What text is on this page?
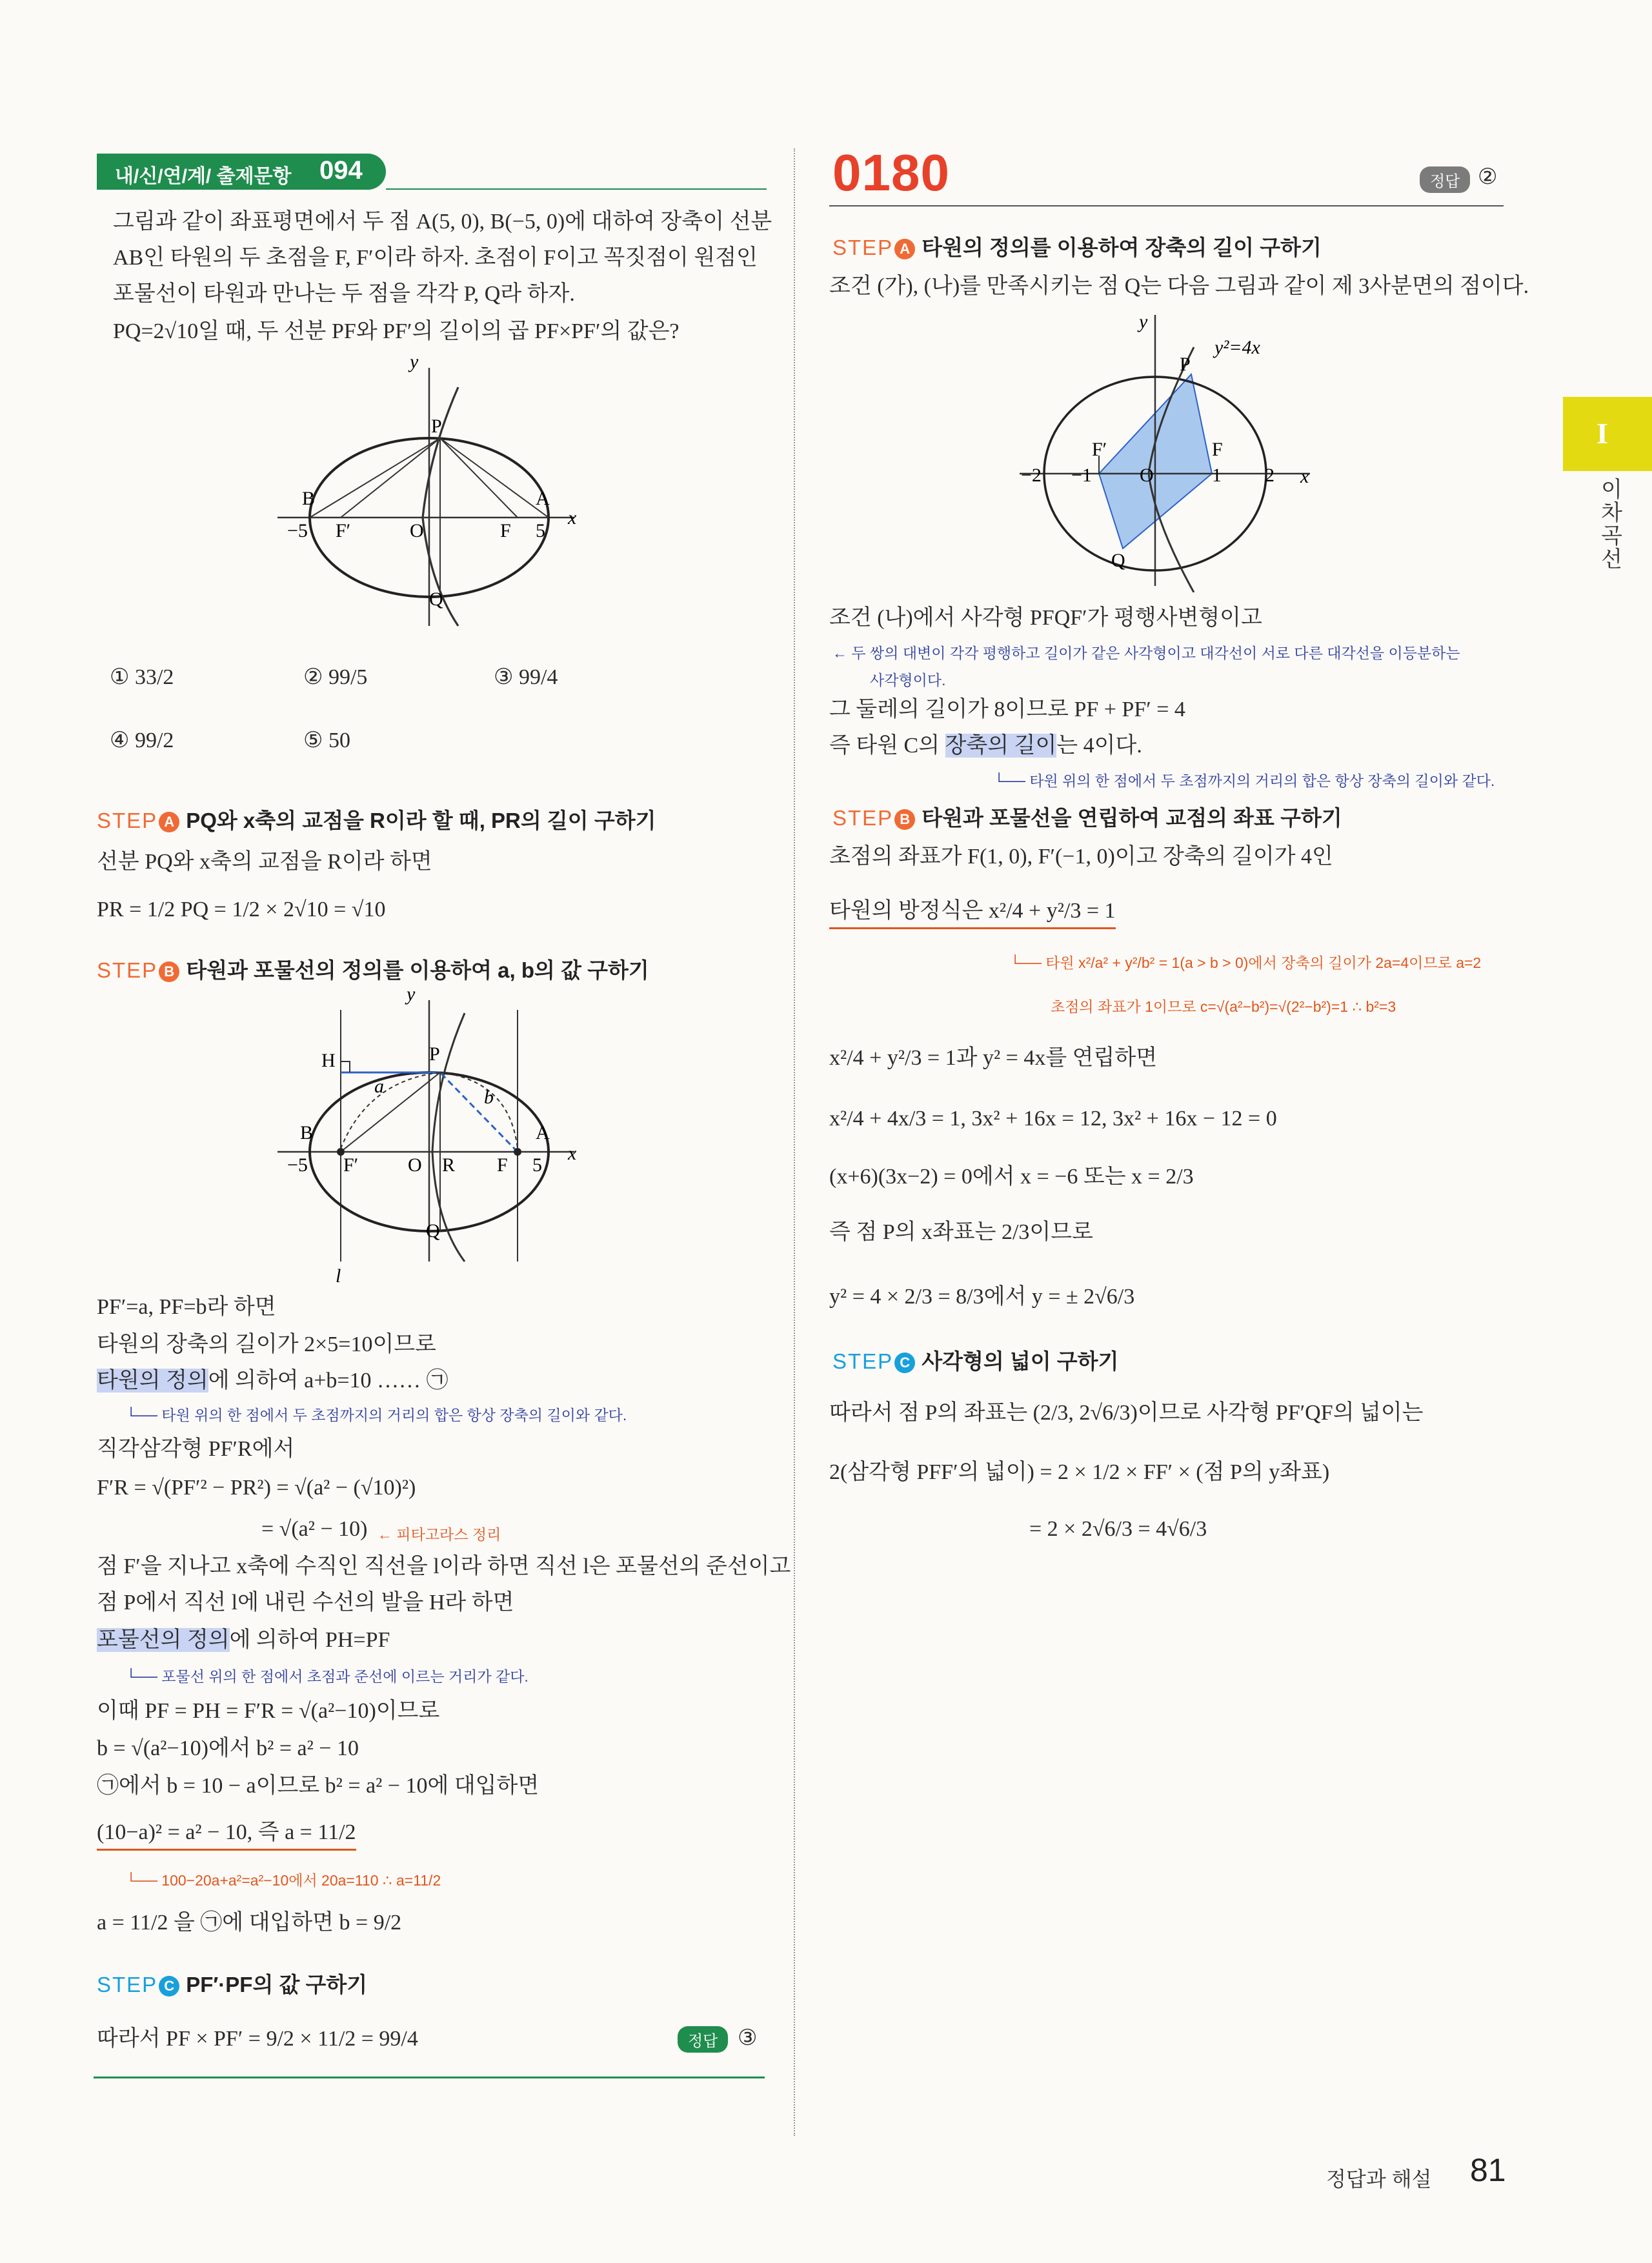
내/신/연/계/ 출제문항 094
그림과 같이 좌표평면에서 두 점 A(5, 0), B(−5, 0)에 대하여 장축이 선분
AB인 타원의 두 초점을 F, F′이라 하자. 초점이 F이고 꼭짓점이 원점인
포물선이 타원과 만나는 두 점을 각각 P, Q라 하자.
PQ=2√10일 때, 두 선분 PF와 PF′의 길이의 곱 PF×PF′의 값은?
y
x
P
Q
B	A
−5	5
F′	O	F
① 33/2	② 99/5	③ 99/4
④ 99/2	⑤ 50
STEP A PQ와 x축의 교점을 R이라 할 때, PR의 길이 구하기
선분 PQ와 x축의 교점을 R이라 하면
PR = 1/2 PQ = 1/2 × 2√10 = √10
STEP B 타원과 포물선의 정의를 이용하여 a, b의 값 구하기
y
x
H	P
a
b
B	A
−5 F′	O R F 5
Q
l
PF′=a, PF=b라 하면
타원의 장축의 길이가 2×5=10이므로
타원의 정의에 의하여 a+b=10 …… ㉠
└── 타원 위의 한 점에서 두 초점까지의 거리의 합은 항상 장축의 길이와 같다.
직각삼각형 PF′R에서
F′R = √(PF′² − PR²) = √(a² − (√10)²)
= √(a² − 10) ← 피타고라스 정리
점 F′을 지나고 x축에 수직인 직선을 l이라 하면 직선 l은 포물선의 준선이고
점 P에서 직선 l에 내린 수선의 발을 H라 하면
포물선의 정의에 의하여 PH=PF
└── 포물선 위의 한 점에서 초점과 준선에 이르는 거리가 같다.
이때 PF = PH = F′R = √(a²−10)이므로
b = √(a²−10)에서 b² = a² − 10
㉠에서 b = 10 − a이므로 b² = a² − 10에 대입하면
(10−a)² = a² − 10, 즉 a = 11/2
└── 100−20a+a²=a²−10에서 20a=110 ∴ a=11/2
a = 11/2 을 ㉠에 대입하면 b = 9/2
STEP C PF′·PF의 값 구하기
따라서 PF × PF′ = 9/2 × 11/2 = 99/4	정답 ③
0180	정답 ②
STEP A 타원의 정의를 이용하여 장축의 길이 구하기
조건 (가), (나)를 만족시키는 점 Q는 다음 그림과 같이 제 3사분면의 점이다.
y
x
P
y²=4x
F′	F
−2 −1 O	1 2
Q
조건 (나)에서 사각형 PFQF′가 평행사변형이고
← 두 쌍의 대변이 각각 평행하고 길이가 같은 사각형이고 대각선이 서로 다른 대각선을 이등분하는
사각형이다.
그 둘레의 길이가 8이므로 PF + PF′ = 4
즉 타원 C의 장축의 길이는 4이다.
└── 타원 위의 한 점에서 두 초점까지의 거리의 합은 항상 장축의 길이와 같다.
STEP B 타원과 포물선을 연립하여 교점의 좌표 구하기
초점의 좌표가 F(1, 0), F′(−1, 0)이고 장축의 길이가 4인
타원의 방정식은 x²/4 + y²/3 = 1
└── 타원 x²/a² + y²/b² = 1(a > b > 0)에서 장축의 길이가 2a=4이므로 a=2
초점의 좌표가 1이므로 c=√(a²−b²)=√(2²−b²)=1 ∴ b²=3
x²/4 + y²/3 = 1과 y² = 4x를 연립하면
x²/4 + 4x/3 = 1, 3x² + 16x = 12, 3x² + 16x − 12 = 0
(x+6)(3x−2) = 0에서 x = −6 또는 x = 2/3
즉 점 P의 x좌표는 2/3이므로
y² = 4 × 2/3 = 8/3에서 y = ± 2√6/3
STEP C 사각형의 넓이 구하기
따라서 점 P의 좌표는 (2/3, 2√6/3)이므로 사각형 PF′QF의 넓이는
2(삼각형 PFF′의 넓이) = 2 × 1/2 × FF′ × (점 P의 y좌표)
= 2 × 2√6/3 = 4√6/3
I
이차곡선
정답과 해설 81
